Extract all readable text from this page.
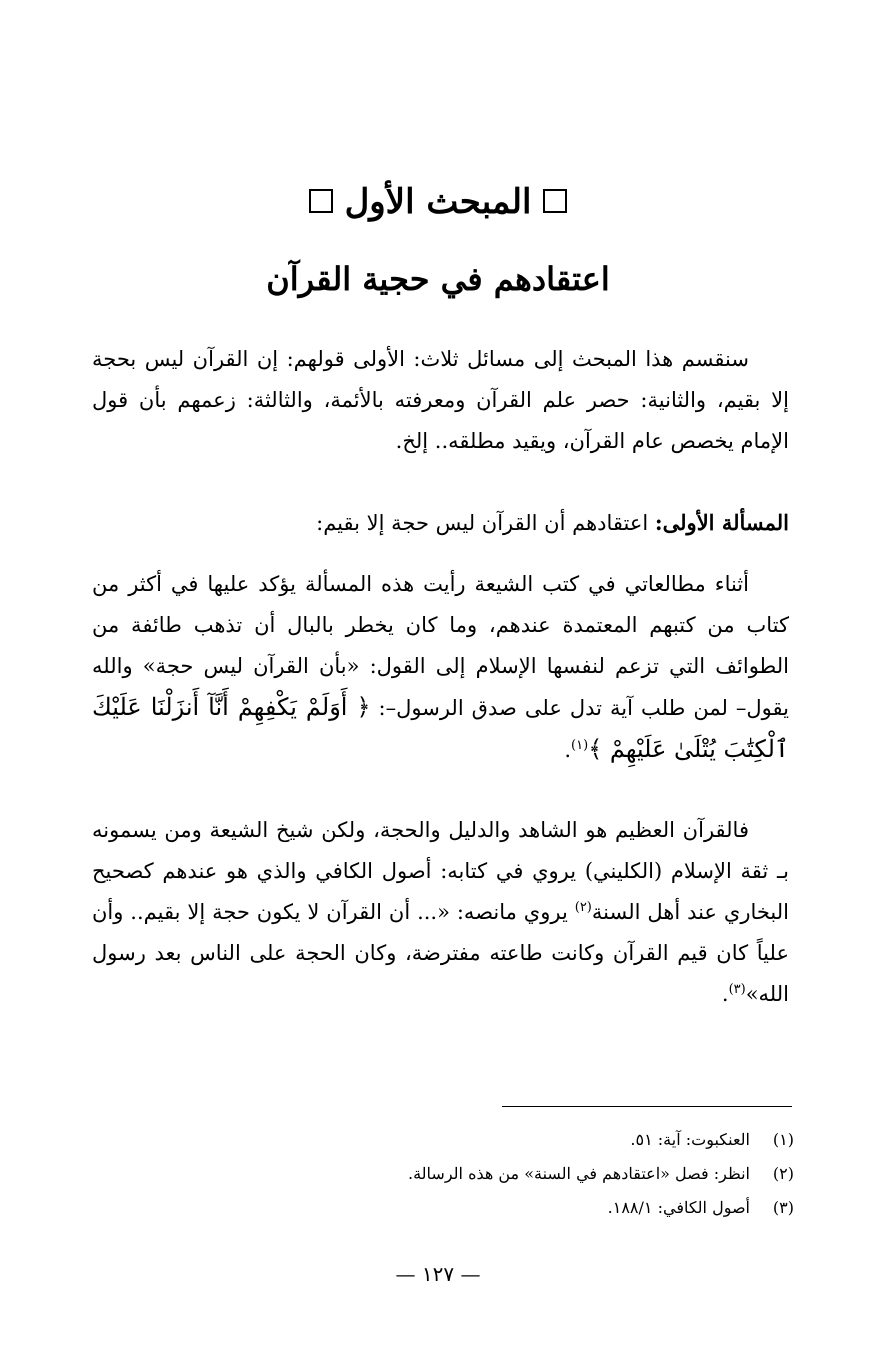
المبحث الأول
اعتقادهم في حجية القرآن

سنقسم هذا المبحث إلى مسائل ثلاث: الأولى قولهم: إن القرآن ليس بحجة إلا بقيم، والثانية: حصر علم القرآن ومعرفته بالأئمة، والثالثة: زعمهم بأن قول الإمام يخصص عام القرآن، ويقيد مطلقه.. إلخ.

المسألة الأولى: اعتقادهم أن القرآن ليس حجة إلا بقيم:

أثناء مطالعاتي في كتب الشيعة رأيت هذه المسألة يؤكد عليها في أكثر من كتاب من كتبهم المعتمدة عندهم، وما كان يخطر بالبال أن تذهب طائفة من الطوائف التي تزعم لنفسها الإسلام إلى القول: «بأن القرآن ليس حجة» والله يقول– لمن طلب آية تدل على صدق الرسول–: ﴿ أَوَلَمْ يَكْفِهِمْ أَنَّآ أَنزَلْنَا عَلَيْكَ ٱلْكِتَٰبَ يُتْلَىٰ عَلَيْهِمْ ﴾$^{(١)}$.

فالقرآن العظيم هو الشاهد والدليل والحجة، ولكن شيخ الشيعة ومن يسمونه بـ ثقة الإسلام (الكليني) يروي في كتابه: أصول الكافي والذي هو عندهم كصحيح البخاري عند أهل السنة$^{(٢)}$ يروي مانصه: «... أن القرآن لا يكون حجة إلا بقيم.. وأن علياً كان قيم القرآن وكانت طاعته مفترضة، وكان الحجة على الناس بعد رسول الله»$^{(٣)}$.

(١)العنكبوت: آية: ٥١.
(٢)انظر: فصل «اعتقادهم في السنة» من هذه الرسالة.
(٣)أصول الكافي: ١٨٨/١.
— ١٢٧ —
